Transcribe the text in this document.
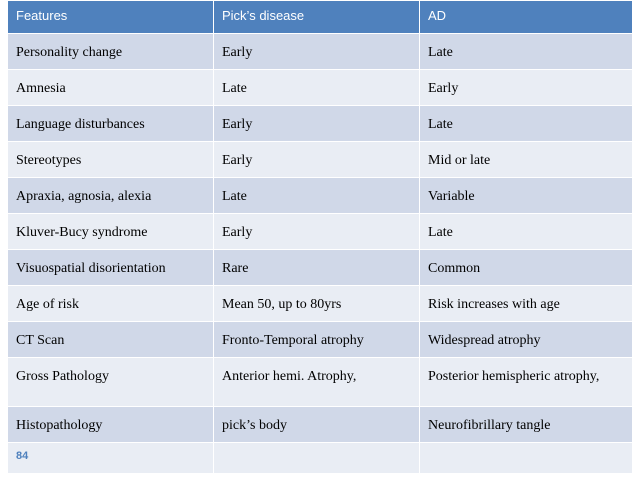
Features	Pick’s disease	AD
Personality change	Early	Late
Amnesia	Late	Early
Language disturbances	Early	Late
Stereotypes	Early	Mid or late
Apraxia, agnosia, alexia	Late	Variable
Kluver-Bucy syndrome	Early	Late
Visuospatial disorientation	Rare	Common
Age of risk	Mean 50, up to 80yrs	Risk increases with age
CT Scan	Fronto-Temporal atrophy	Widespread atrophy
Gross Pathology	Anterior hemi. Atrophy,	Posterior hemispheric atrophy,
Histopathology	pick’s body	Neurofibrillary tangle
84		
